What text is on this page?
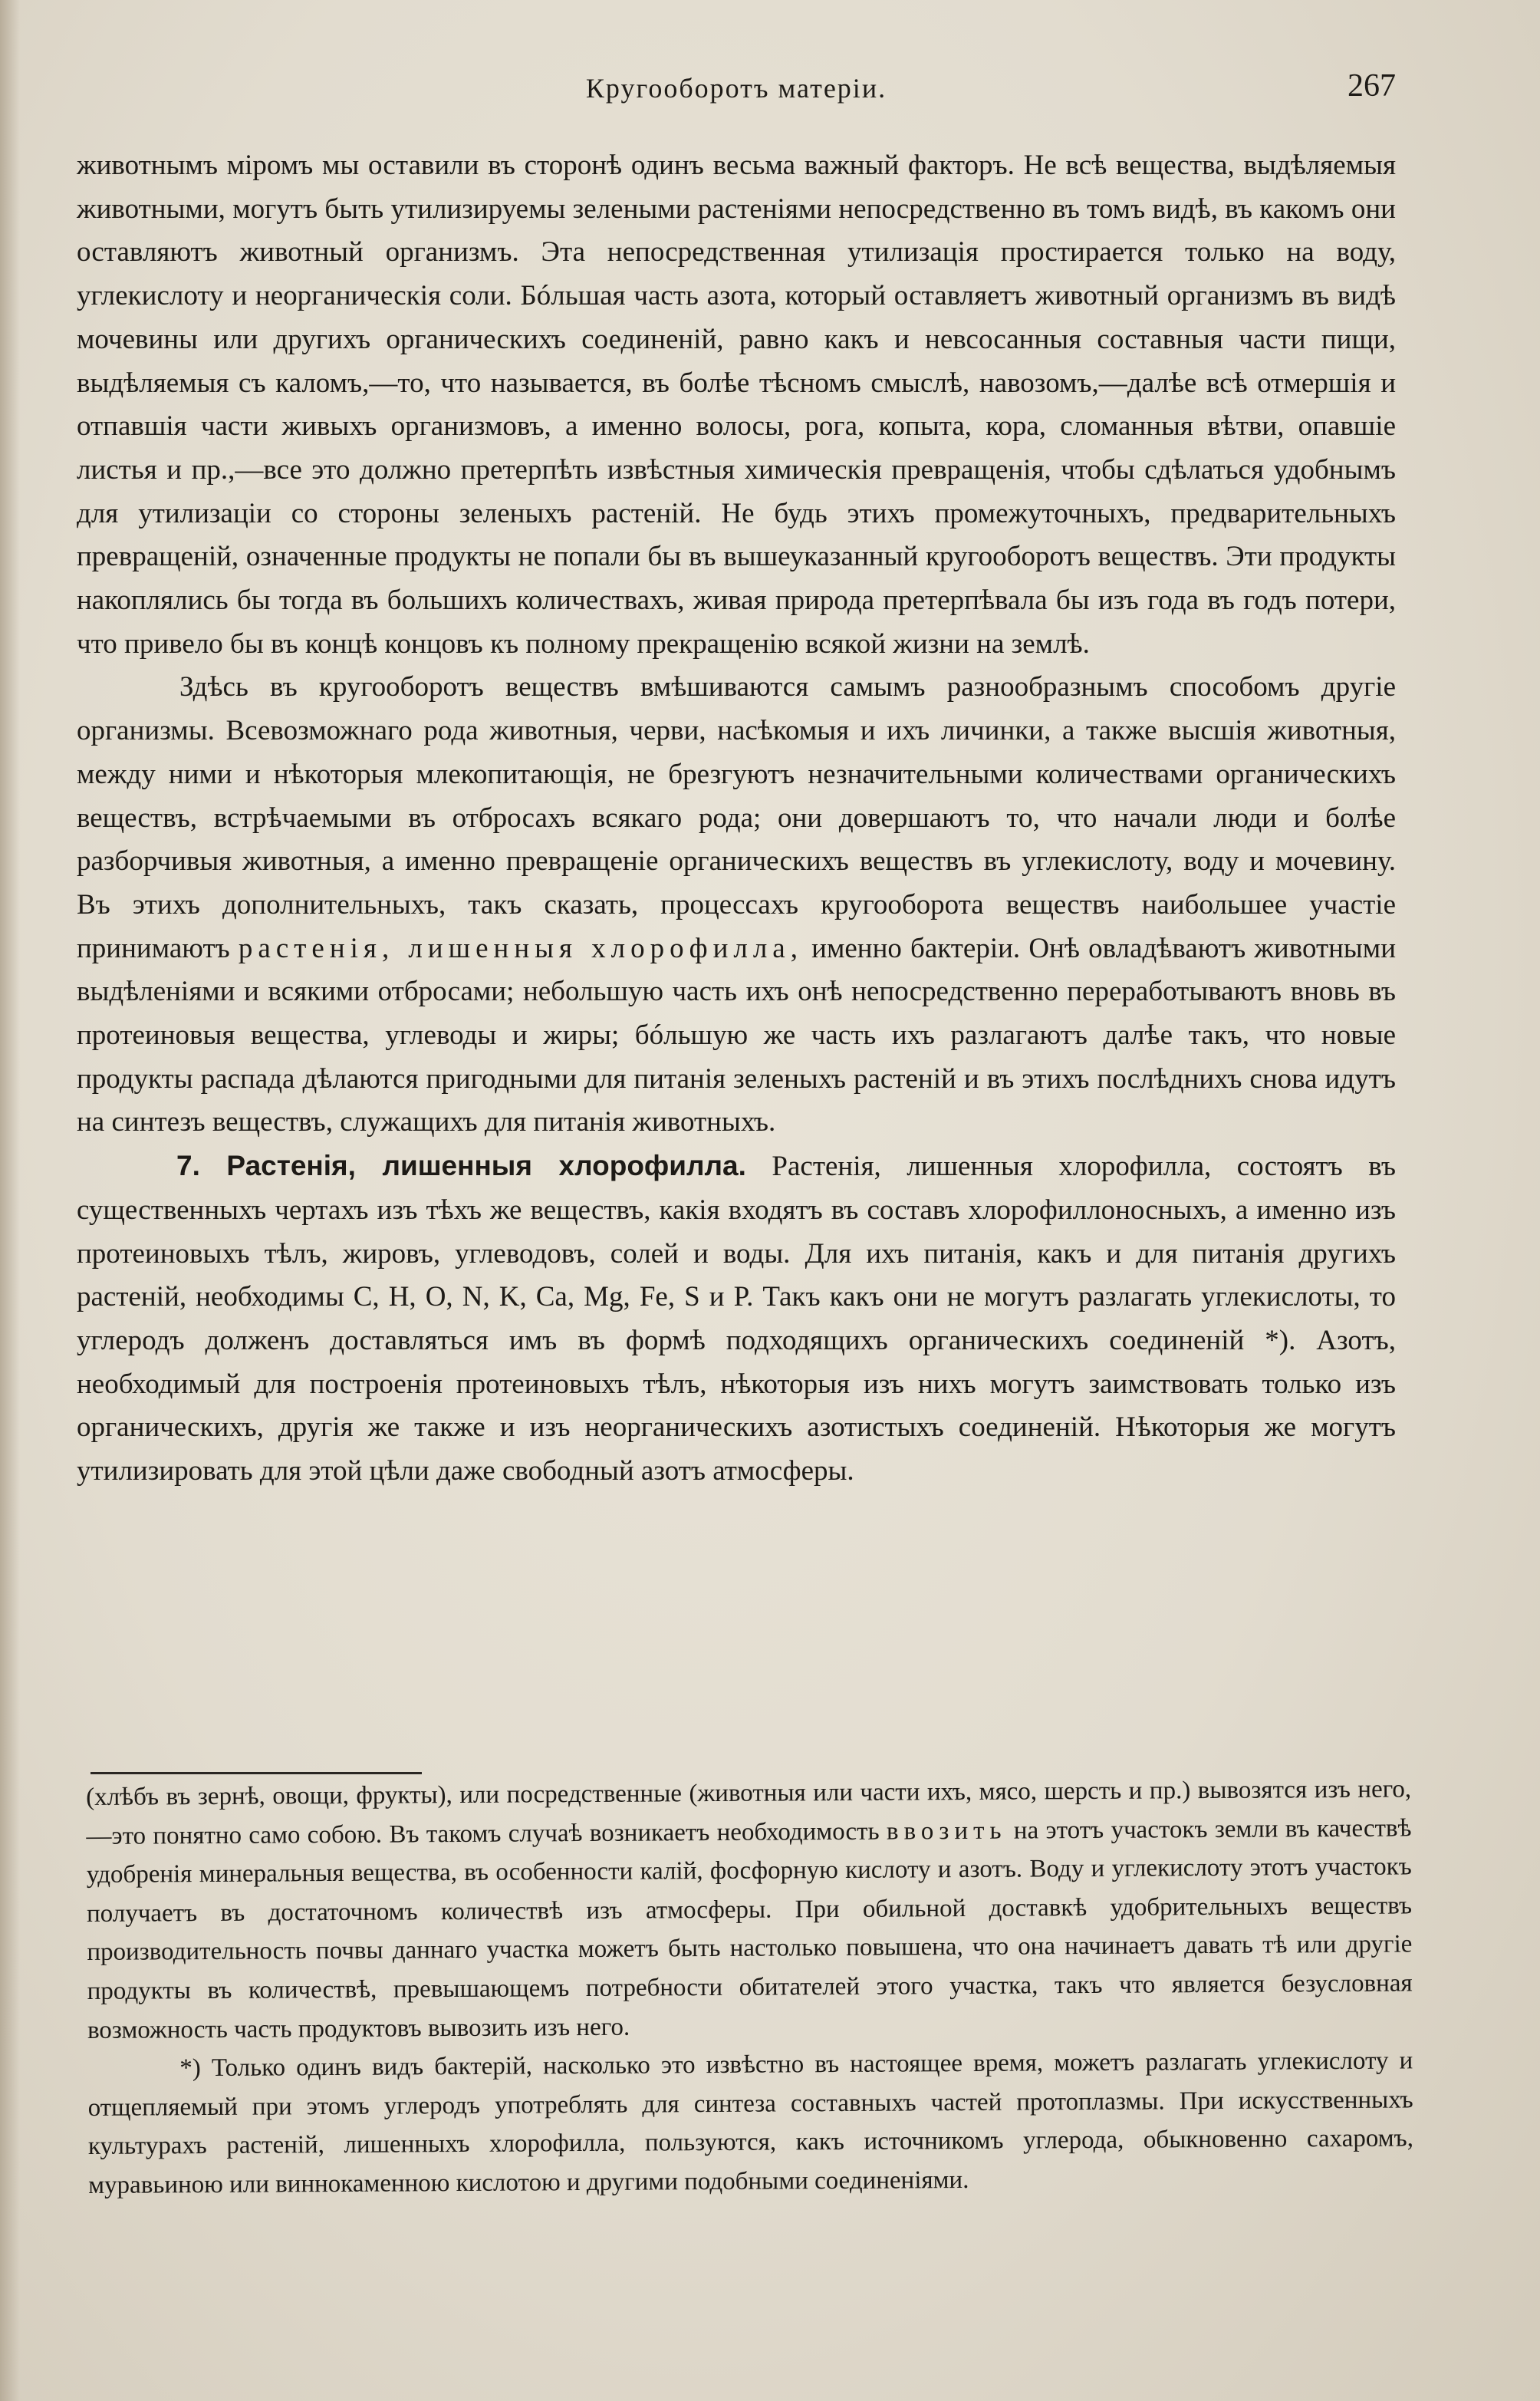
Кругооборотъ матеріи.	267

животнымъ міромъ мы оставили въ сторонѣ одинъ весьма важный факторъ. Не всѣ вещества, выдѣляемыя животными, могутъ быть утилизируемы зелеными растеніями непосредственно въ томъ видѣ, въ какомъ они оставляютъ животный организмъ. Эта непосредственная утилизація простирается только на воду, углекислоту и неорганическія соли. Бóльшая часть азота, который оставляетъ животный организмъ въ видѣ мочевины или другихъ органическихъ соединеній, равно какъ и невсосанныя составныя части пищи, выдѣляемыя съ каломъ,—то, что называется, въ болѣе тѣсномъ смыслѣ, навозомъ,—далѣе всѣ отмершія и отпавшія части живыхъ организмовъ, а именно волосы, рога, копыта, кора, сломанныя вѣтви, опавшіе листья и пр.,—все это должно претерпѣть извѣстныя химическія превращенія, чтобы сдѣлаться удобнымъ для утилизаціи со стороны зеленыхъ растеній. Не будь этихъ промежуточныхъ, предварительныхъ превращеній, означенные продукты не попали бы въ вышеуказанный кругооборотъ веществъ. Эти продукты накоплялись бы тогда въ большихъ количествахъ, живая природа претерпѣвала бы изъ года въ годъ потери, что привело бы въ концѣ концовъ къ полному прекращенію всякой жизни на землѣ.

Здѣсь въ кругооборотъ веществъ вмѣшиваются самымъ разнообразнымъ способомъ другіе организмы. Всевозможнаго рода животныя, черви, насѣкомыя и ихъ личинки, а также высшія животныя, между ними и нѣкоторыя млекопитающія, не брезгуютъ незначительными количествами органическихъ веществъ, встрѣчаемыми въ отбросахъ всякаго рода; они довершаютъ то, что начали люди и болѣе разборчивыя животныя, а именно превращеніе органическихъ веществъ въ углекислоту, воду и мочевину. Въ этихъ дополнительныхъ, такъ сказать, процессахъ кругооборота веществъ наибольшее участіе принимаютъ растенія, лишенныя хлорофилла, именно бактеріи. Онѣ овладѣваютъ животными выдѣленіями и всякими отбросами; небольшую часть ихъ онѣ непосредственно переработываютъ вновь въ протеиновыя вещества, углеводы и жиры; бóльшую же часть ихъ разлагаютъ далѣе такъ, что новые продукты распада дѣлаются пригодными для питанія зеленыхъ растеній и въ этихъ послѣднихъ снова идутъ на синтезъ веществъ, служащихъ для питанія животныхъ.

7. Растенія, лишенныя хлорофилла. Растенія, лишенныя хлорофилла, состоятъ въ существенныхъ чертахъ изъ тѣхъ же веществъ, какія входятъ въ составъ хлорофиллоносныхъ, а именно изъ протеиновыхъ тѣлъ, жировъ, углеводовъ, солей и воды. Для ихъ питанія, какъ и для питанія другихъ растеній, необходимы C, H, O, N, K, Ca, Mg, Fe, S и P. Такъ какъ они не могутъ разлагать углекислоты, то углеродъ долженъ доставляться имъ въ формѣ подходящихъ органическихъ соединеній *). Азотъ, необходимый для построенія протеиновыхъ тѣлъ, нѣкоторыя изъ нихъ могутъ заимствовать только изъ органическихъ, другія же также и изъ неорганическихъ азотистыхъ соединеній. Нѣкоторыя же могутъ утилизировать для этой цѣли даже свободный азотъ атмосферы.

(хлѣбъ въ зернѣ, овощи, фрукты), или посредственные (животныя или части ихъ, мясо, шерсть и пр.) вывозятся изъ него,—это понятно само собою. Въ такомъ случаѣ возникаетъ необходимость ввозить на этотъ участокъ земли въ качествѣ удобренія минеральныя вещества, въ особенности калій, фосфорную кислоту и азотъ. Воду и углекислоту этотъ участокъ получаетъ въ достаточномъ количествѣ изъ атмосферы. При обильной доставкѣ удобрительныхъ веществъ производительность почвы даннаго участка можетъ быть настолько повышена, что она начинаетъ давать тѣ или другіе продукты въ количествѣ, превышающемъ потребности обитателей этого участка, такъ что является безусловная возможность часть продуктовъ вывозить изъ него.

*) Только одинъ видъ бактерій, насколько это извѣстно въ настоящее время, можетъ разлагать углекислоту и отщепляемый при этомъ углеродъ употреблять для синтеза составныхъ частей протоплазмы. При искусственныхъ культурахъ растеній, лишенныхъ хлорофилла, пользуются, какъ источникомъ углерода, обыкновенно сахаромъ, муравьиною или виннокаменною кислотою и другими подобными соединеніями.
